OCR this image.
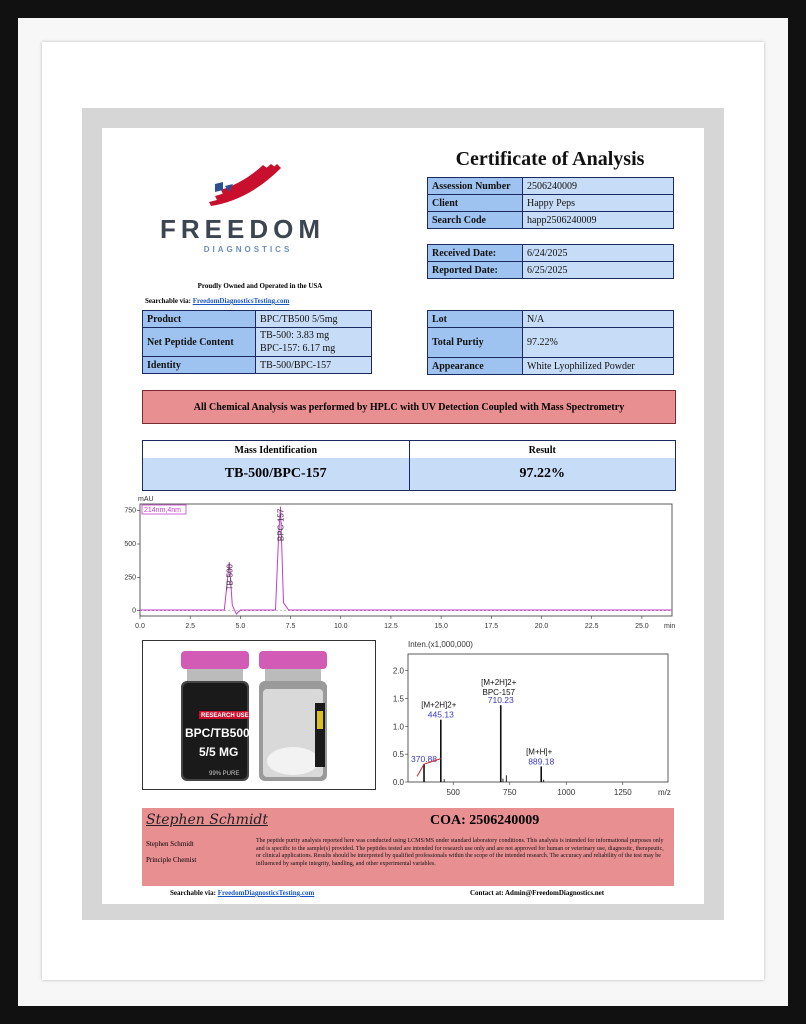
FREEDOM
DIAGNOSTICS
Proudly Owned and Operated in the USA
Searchable via: FreedomDiagnosticsTesting.com
Certificate of Analysis
Assession Number	2506240009
Client	Happy Peps
Search Code	happ2506240009
Received Date:	6/24/2025
Reported Date:	6/25/2025
Product	BPC/TB500 5/5mg
Net Peptide Content	TB-500: 3.83 mg
BPC-157: 6.17 mg

Identity	TB-500/BPC-157
Lot	N/A
Total Purtiy	97.22%
Appearance	White Lyophilized Powder
All Chemical Analysis was performed by HPLC with UV Detection Coupled with Mass Spectrometry
Mass Identification	Result
TB-500/BPC-157	97.22%
mAU
750
500
250
0
0.0	2.5	5.0	7.5	10.0	12.5	15.0	17.5	20.0	22.5	25.0 min
214nm,4nm
TB-500
BPC-157
RESEARCH USE
BPC/TB500
5/5 MG
99% PURE
Inten.(x1,000,000)
0.0
0.5
1.0
1.5
2.0
500	750	1000	1250	m/z
370.88
445.13
[M+2H]2+	710.23
[M+2H]2+
BPC-157
889.18
[M+H]+
Stephen Schmidt	COA: 2506240009
Stephen Schmidt
Principle Chemist
The peptide purity analysis reported here was conducted using LCMS/MS under standard laboratory conditions. This analysis is intended for informational purposes only and is specific to the sample(s) provided. The peptides tested are intended for research use only and are not approved for human or veterinary use, diagnostic, therapeutic, or clinical applications. Results should be interpreted by qualified professionals within the scope of the intended research. The accuracy and reliability of the test may be influenced by sample integrity, handling, and other experimental variables.
Searchable via: FreedomDiagnosticsTesting.com	Contact at: Admin@FreedomDiagnostics.net
